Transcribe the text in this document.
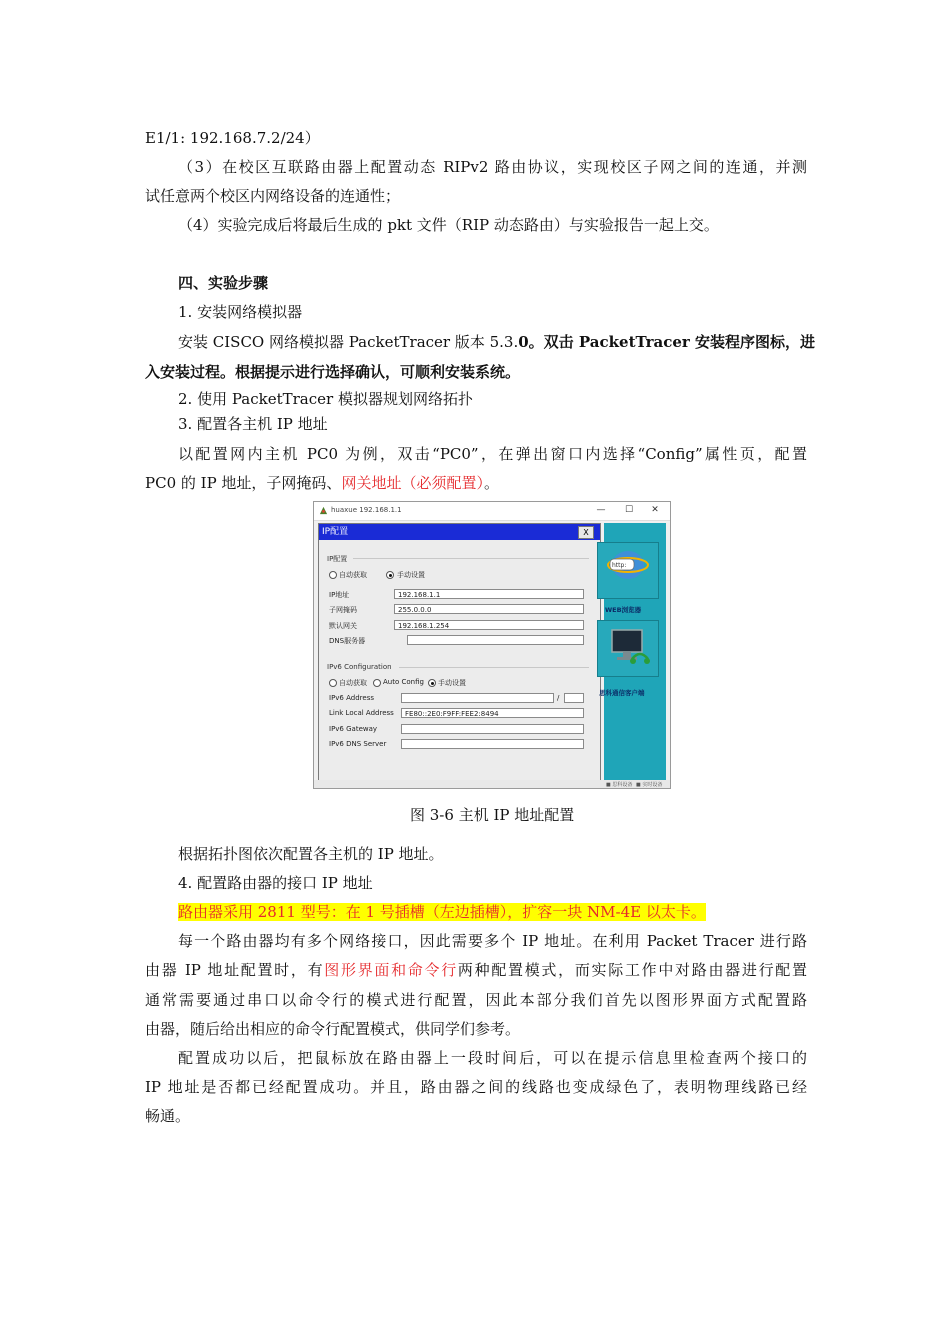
E1/1: 192.168.7.2/24）
（3）在校区互联路由器上配置动态 RIPv2 路由协议，实现校区子网之间的连通，并测
试任意两个校区内网络设备的连通性；
（4）实验完成后将最后生成的 pkt 文件（RIP 动态路由）与实验报告一起上交。
四、实验步骤
1. 安装网络模拟器
安装 CISCO 网络模拟器 PacketTracer 版本 5.3.0。双击 PacketTracer 安装程序图标，进
入安装过程。根据提示进行选择确认，可顺利安装系统。
2. 使用 PacketTracer 模拟器规划网络拓扑
3. 配置各主机 IP 地址
以配置网内主机 PC0 为例，双击“PC0”，在弹出窗口内选择“Config”属性页，配置
PC0 的 IP 地址，子网掩码、网关地址（必须配置）。
huaxue 192.168.1.1	—	☐	✕
IP配置	X
IP配置
自动获取	手动设置
IP地址	192.168.1.1
子网掩码	255.0.0.0
默认网关	192.168.1.254
DNS服务器
IPv6 Configuration
自动获取 Auto Config 手动设置
IPv6 Address	/
Link Local Address	FE80::2E0:F9FF:FEE2:8494
IPv6 Gateway
IPv6 DNS Server
http:
WEB浏览器
思科通信客户端
■ 思科设备 ■ 实时设备
图 3-6 主机 IP 地址配置
根据拓扑图依次配置各主机的 IP 地址。
4. 配置路由器的接口 IP 地址
路由器采用 2811 型号：在 1 号插槽（左边插槽），扩容一块 NM-4E 以太卡。
每一个路由器均有多个网络接口，因此需要多个 IP 地址。在利用 Packet Tracer 进行路
由器 IP 地址配置时，有图形界面和命令行两种配置模式，而实际工作中对路由器进行配置
通常需要通过串口以命令行的模式进行配置，因此本部分我们首先以图形界面方式配置路
由器，随后给出相应的命令行配置模式，供同学们参考。
配置成功以后，把鼠标放在路由器上一段时间后，可以在提示信息里检查两个接口的
IP 地址是否都已经配置成功。并且，路由器之间的线路也变成绿色了，表明物理线路已经
畅通。
